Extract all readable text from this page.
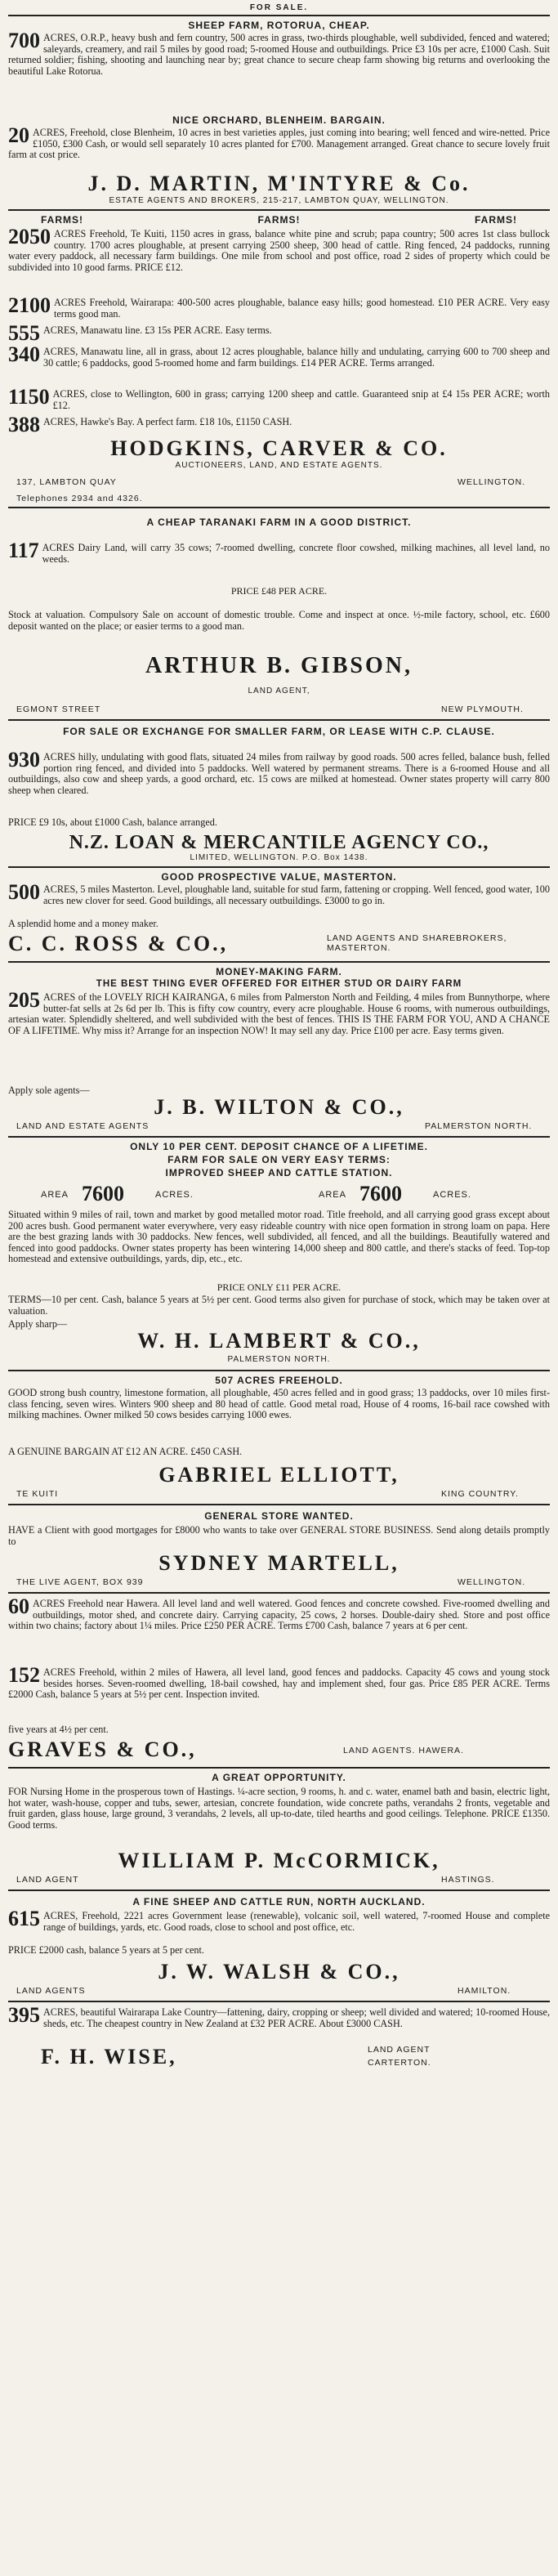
FOR SALE.
SHEEP FARM, ROTORUA, CHEAP.
700 ACRES, O.R.P., heavy bush and fern country, 500 acres in grass, two-thirds ploughable, well subdivided, fenced and watered; saleyards, creamery, and rail 5 miles by good road; 5-roomed House and outbuildings. Price £3 10s per acre, £1000 Cash. Suit returned soldier; fishing, shooting and launching near by; great chance to secure cheap farm showing big returns and overlooking the beautiful Lake Rotorua.
NICE ORCHARD, BLENHEIM. BARGAIN.
20 ACRES, Freehold, close Blenheim, 10 acres in best varieties apples, just coming into bearing; well fenced and wire-netted. Price £1050, £300 Cash, or would sell separately 10 acres planted for £700. Management arranged. Great chance to secure lovely fruit farm at cost price.
J. D. MARTIN, M'INTYRE & Co.
ESTATE AGENTS AND BROKERS, 215-217, LAMBTON QUAY, WELLINGTON.
FARMS!	FARMS!	FARMS!
2050 ACRES Freehold, Te Kuiti, 1150 acres in grass, balance white pine and scrub; papa country; 500 acres 1st class bullock country. 1700 acres ploughable, at present carrying 2500 sheep, 300 head of cattle. Ring fenced, 24 paddocks, running water every paddock, all necessary farm buildings. One mile from school and post office, road 2 sides of property which could be subdivided into 10 good farms. PRICE £12.
2100 ACRES Freehold, Wairarapa: 400-500 acres ploughable, balance easy hills; good homestead. £10 PER ACRE. Very easy terms good man.
555 ACRES, Manawatu line. £3 15s PER ACRE. Easy terms.
340 ACRES, Manawatu line, all in grass, about 12 acres ploughable, balance hilly and undulating, carrying 600 to 700 sheep and 30 cattle; 6 paddocks, good 5-roomed home and farm buildings. £14 PER ACRE. Terms arranged.
1150 ACRES, close to Wellington, 600 in grass; carrying 1200 sheep and cattle. Guaranteed snip at £4 15s PER ACRE; worth £12.
388 ACRES, Hawke's Bay. A perfect farm. £18 10s, £1150 CASH.
HODGKINS, CARVER & CO.
AUCTIONEERS, LAND, AND ESTATE AGENTS.
137, LAMBTON QUAY	WELLINGTON.
Telephones 2934 and 4326.
A CHEAP TARANAKI FARM IN A GOOD DISTRICT.
117 ACRES Dairy Land, will carry 35 cows; 7-roomed dwelling, concrete floor cowshed, milking machines, all level land, no weeds.
PRICE £48 PER ACRE.
Stock at valuation. Compulsory Sale on account of domestic trouble. Come and inspect at once. ½-mile factory, school, etc. £600 deposit wanted on the place; or easier terms to a good man.
ARTHUR B. GIBSON,
LAND AGENT,
EGMONT STREET	NEW PLYMOUTH.
FOR SALE OR EXCHANGE FOR SMALLER FARM, OR LEASE WITH C.P. CLAUSE.
930 ACRES hilly, undulating with good flats, situated 24 miles from railway by good roads. 500 acres felled, balance bush, felled portion ring fenced, and divided into 5 paddocks. Well watered by permanent streams. There is a 6-roomed House and all outbuildings, also cow and sheep yards, a good orchard, etc. 15 cows are milked at homestead. Owner states property will carry 800 sheep when cleared.
PRICE £9 10s, about £1000 Cash, balance arranged.
N.Z. LOAN & MERCANTILE AGENCY CO.,
LIMITED, WELLINGTON. P.O. Box 1438.
GOOD PROSPECTIVE VALUE, MASTERTON.
500 ACRES, 5 miles Masterton. Level, ploughable land, suitable for stud farm, fattening or cropping. Well fenced, good water, 100 acres new clover for seed. Good buildings, all necessary outbuildings. £3000 to go in.
A splendid home and a money maker.
C. C. ROSS & CO.,	LAND AGENTS AND SHAREBROKERS, MASTERTON.
MONEY-MAKING FARM.
THE BEST THING EVER OFFERED FOR EITHER STUD OR DAIRY FARM
205 ACRES of the LOVELY RICH KAIRANGA, 6 miles from Palmerston North and Feilding, 4 miles from Bunnythorpe, where butter-fat sells at 2s 6d per lb. This is fifty cow country, every acre ploughable. House 6 rooms, with numerous outbuildings, artesian water. Splendidly sheltered, and well subdivided with the best of fences. THIS IS THE FARM FOR YOU, AND A CHANCE OF A LIFETIME. Why miss it? Arrange for an inspection NOW! It may sell any day. Price £100 per acre. Easy terms given.
Apply sole agents—
J. B. WILTON & CO.,
LAND AND ESTATE AGENTS	PALMERSTON NORTH.
ONLY 10 PER CENT. DEPOSIT CHANCE OF A LIFETIME.
FARM FOR SALE ON VERY EASY TERMS:
IMPROVED SHEEP AND CATTLE STATION.
AREA 7600	ACRES.	AREA 7600	ACRES.
Situated within 9 miles of rail, town and market by good metalled motor road. Title freehold, and all carrying good grass except about 200 acres bush. Good permanent water everywhere, very easy rideable country with nice open formation in strong loam on papa. Here are the best grazing lands with 30 paddocks. New fences, well subdivided, all fenced, and all the buildings. Beautifully watered and fenced into good paddocks. Owner states property has been wintering 14,000 sheep and 800 cattle, and there's stacks of feed. Top-top homestead and extensive outbuildings, yards, dip, etc., etc.
PRICE ONLY £11 PER ACRE.
TERMS—10 per cent. Cash, balance 5 years at 5½ per cent. Good terms also given for purchase of stock, which may be taken over at valuation.
Apply sharp—
W. H. LAMBERT & CO.,
PALMERSTON NORTH.
507 ACRES FREEHOLD.
GOOD strong bush country, limestone formation, all ploughable, 450 acres felled and in good grass; 13 paddocks, over 10 miles first-class fencing, seven wires. Winters 900 sheep and 80 head of cattle. Good metal road, House of 4 rooms, 16-bail race cowshed with milking machines. Owner milked 50 cows besides carrying 1000 ewes.
A GENUINE BARGAIN AT £12 AN ACRE. £450 CASH.
GABRIEL ELLIOTT,
TE KUITI	KING COUNTRY.
GENERAL STORE WANTED.
HAVE a Client with good mortgages for £8000 who wants to take over GENERAL STORE BUSINESS. Send along details promptly to
SYDNEY MARTELL,
THE LIVE AGENT, BOX 939	WELLINGTON.
60 ACRES Freehold near Hawera. All level land and well watered. Good fences and concrete cowshed. Five-roomed dwelling and outbuildings, motor shed, and concrete dairy. Carrying capacity, 25 cows, 2 horses. Double-dairy shed. Store and post office within two chains; factory about 1¼ miles. Price £250 PER ACRE. Terms £700 Cash, balance 7 years at 6 per cent.
152 ACRES Freehold, within 2 miles of Hawera, all level land, good fences and paddocks. Capacity 45 cows and young stock besides horses. Seven-roomed dwelling, 18-bail cowshed, hay and implement shed, four gas. Price £85 PER ACRE. Terms £2000 Cash, balance 5 years at 5½ per cent. Inspection invited.
five years at 4½ per cent.
GRAVES & CO.,	LAND AGENTS. HAWERA.
A GREAT OPPORTUNITY.
FOR Nursing Home in the prosperous town of Hastings. ¼-acre section, 9 rooms, h. and c. water, enamel bath and basin, electric light, hot water, wash-house, copper and tubs, sewer, artesian, concrete foundation, wide concrete paths, verandahs 2 fronts, vegetable and fruit garden, glass house, large ground, 3 verandahs, 2 levels, all up-to-date, tiled hearths and good ceilings. Telephone. PRICE £1350. Good terms.
WILLIAM P. McCORMICK,
LAND AGENT	HASTINGS.
A FINE SHEEP AND CATTLE RUN, NORTH AUCKLAND.
615 ACRES, Freehold, 2221 acres Government lease (renewable), volcanic soil, well watered, 7-roomed House and complete range of buildings, yards, etc. Good roads, close to school and post office, etc.
PRICE £2000 cash, balance 5 years at 5 per cent.
J. W. WALSH & CO.,
LAND AGENTS	HAMILTON.
395 ACRES, beautiful Wairarapa Lake Country—fattening, dairy, cropping or sheep; well divided and watered; 10-roomed House, sheds, etc. The cheapest country in New Zealand at £32 PER ACRE. About £3000 CASH.
F. H. WISE,	LAND AGENT
CARTERTON.
